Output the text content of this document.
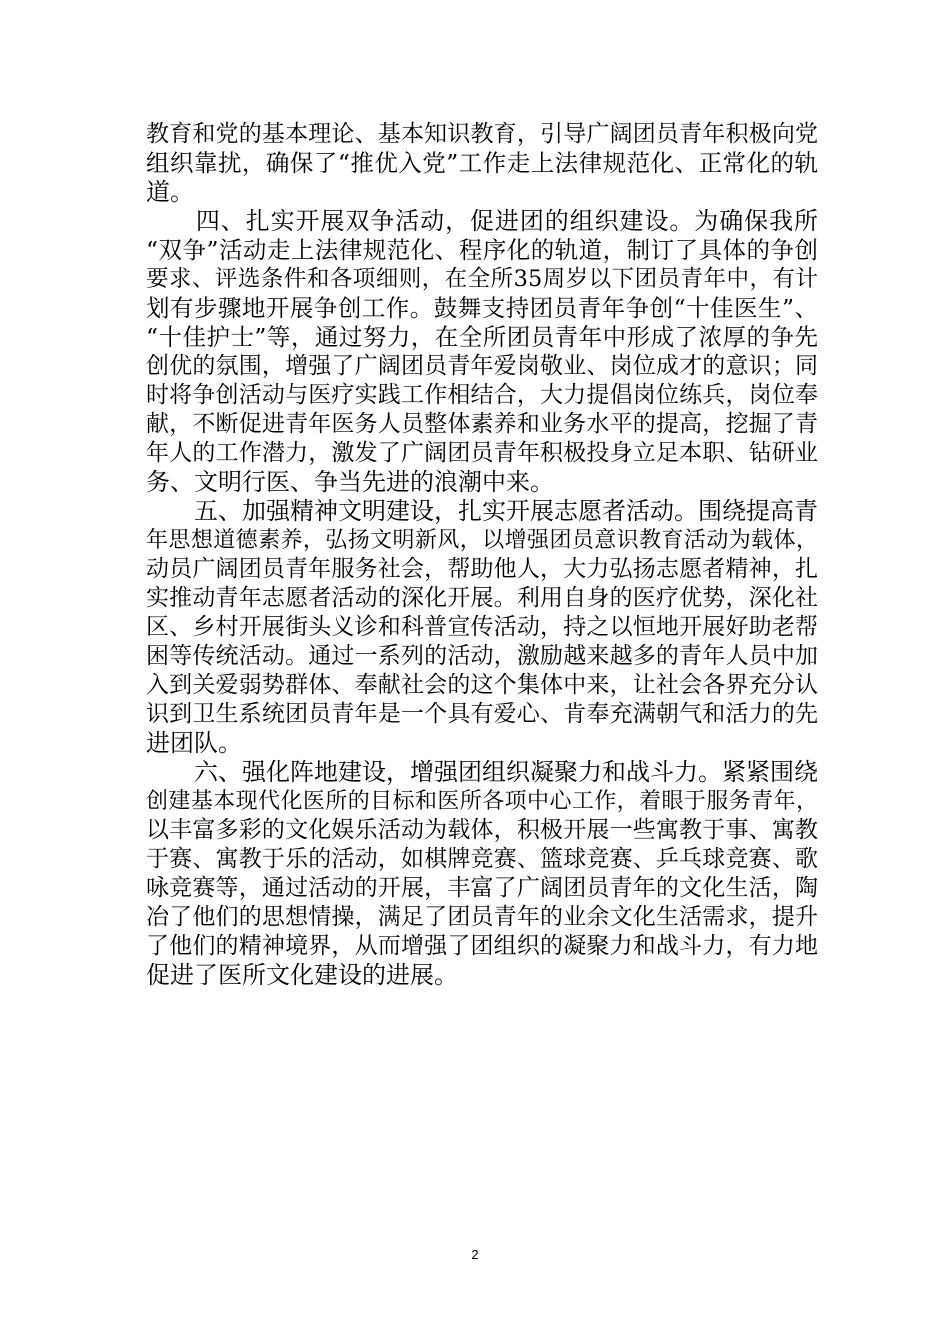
教育和党的基本理论、基本知识教育，引导广阔团员青年积极向党
组织靠扰，确保了“推优入党”工作走上法律规范化、正常化的轨
道。
　　四、扎实开展双争活动，促进团的组织建设。为确保我所
“双争”活动走上法律规范化、程序化的轨道，制订了具体的争创
要求、评选条件和各项细则，在全所35周岁以下团员青年中，有计
划有步骤地开展争创工作。鼓舞支持团员青年争创“十佳医生”、
“十佳护士”等，通过努力，在全所团员青年中形成了浓厚的争先
创优的氛围，增强了广阔团员青年爱岗敬业、岗位成才的意识；同
时将争创活动与医疗实践工作相结合，大力提倡岗位练兵，岗位奉
献，不断促进青年医务人员整体素养和业务水平的提高，挖掘了青
年人的工作潜力，激发了广阔团员青年积极投身立足本职、钻研业
务、文明行医、争当先进的浪潮中来。
　　五、加强精神文明建设，扎实开展志愿者活动。围绕提高青
年思想道德素养，弘扬文明新风，以增强团员意识教育活动为载体，
动员广阔团员青年服务社会，帮助他人，大力弘扬志愿者精神，扎
实推动青年志愿者活动的深化开展。利用自身的医疗优势，深化社
区、乡村开展街头义诊和科普宣传活动，持之以恒地开展好助老帮
困等传统活动。通过一系列的活动，激励越来越多的青年人员中加
入到关爱弱势群体、奉献社会的这个集体中来，让社会各界充分认
识到卫生系统团员青年是一个具有爱心、肯奉充满朝气和活力的先
进团队。
　　六、强化阵地建设，增强团组织凝聚力和战斗力。紧紧围绕
创建基本现代化医所的目标和医所各项中心工作，着眼于服务青年，
以丰富多彩的文化娱乐活动为载体，积极开展一些寓教于事、寓教
于赛、寓教于乐的活动，如棋牌竞赛、篮球竞赛、乒乓球竞赛、歌
咏竞赛等，通过活动的开展，丰富了广阔团员青年的文化生活，陶
冶了他们的思想情操，满足了团员青年的业余文化生活需求，提升
了他们的精神境界，从而增强了团组织的凝聚力和战斗力，有力地
促进了医所文化建设的进展。
2
